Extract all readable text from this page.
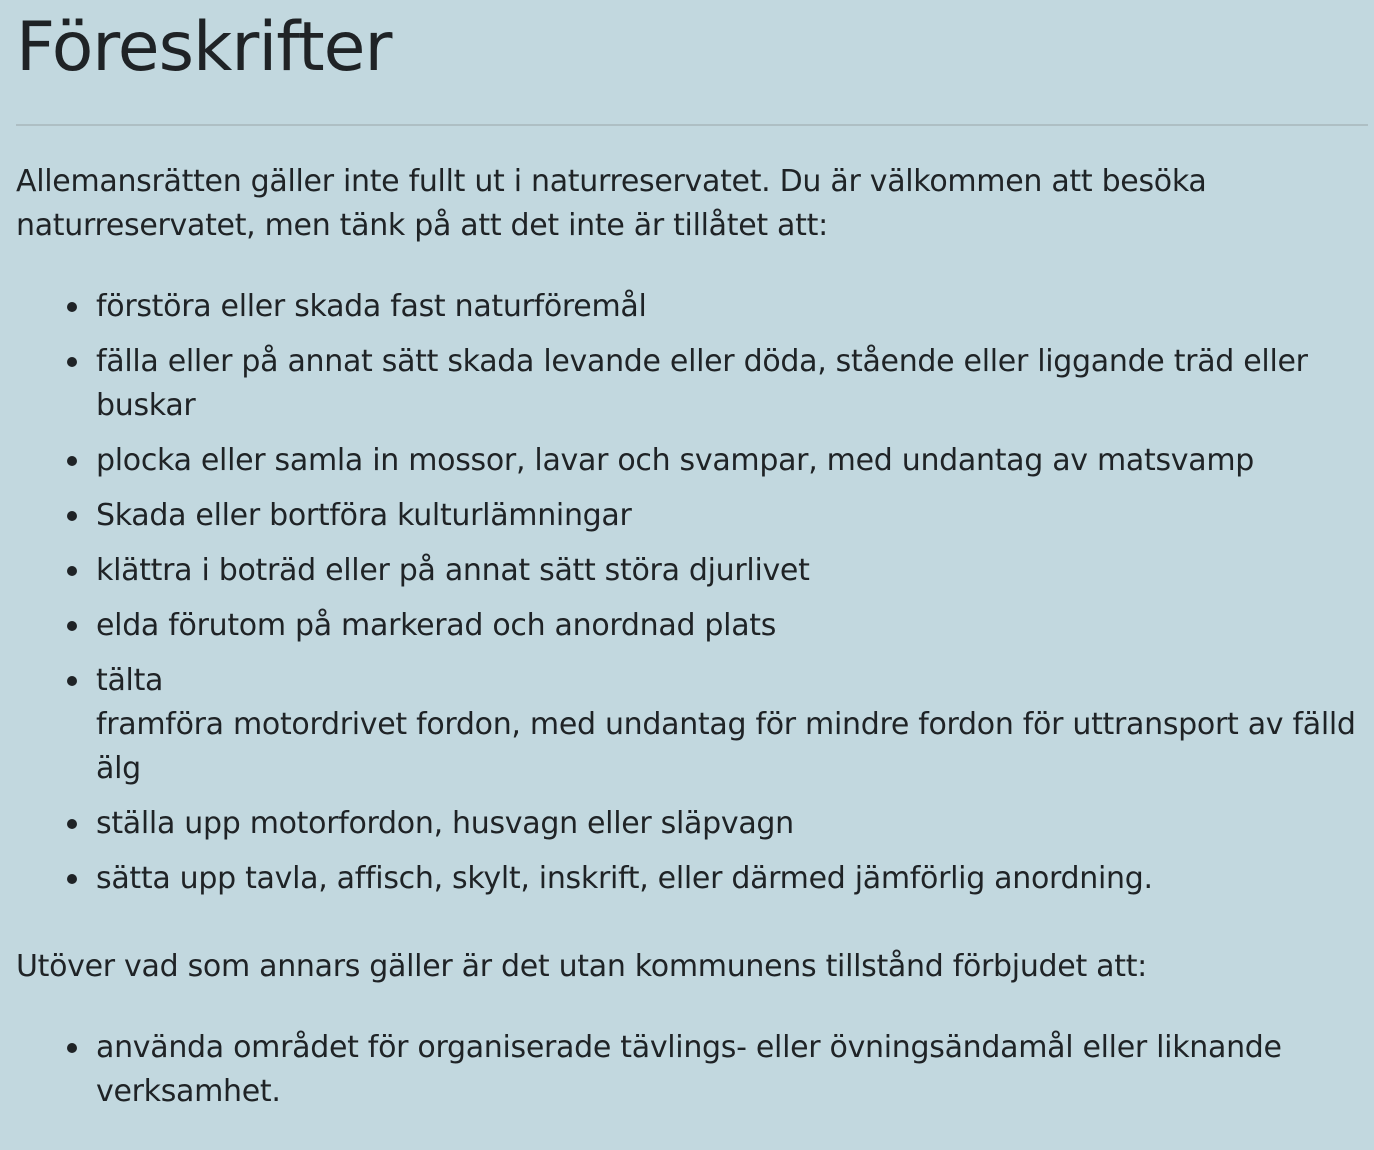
Föreskrifter

Allemansrätten gäller inte fullt ut i naturreservatet. Du är välkommen att besöka naturreservatet, men tänk på att det inte är tillåtet att:

förstöra eller skada fast naturföremål
fälla eller på annat sätt skada levande eller döda, stående eller liggande träd eller buskar
plocka eller samla in mossor, lavar och svampar, med undantag av matsvamp
Skada eller bortföra kulturlämningar
klättra i boträd eller på annat sätt störa djurlivet
elda förutom på markerad och anordnad plats
tälta
framföra motordrivet fordon, med undantag för mindre fordon för uttransport av fälld älg
ställa upp motorfordon, husvagn eller släpvagn
sätta upp tavla, affisch, skylt, inskrift, eller därmed jämförlig anordning.

Utöver vad som annars gäller är det utan kommunens tillstånd förbjudet att:

använda området för organiserade tävlings- eller övningsändamål eller liknande verksamhet.
